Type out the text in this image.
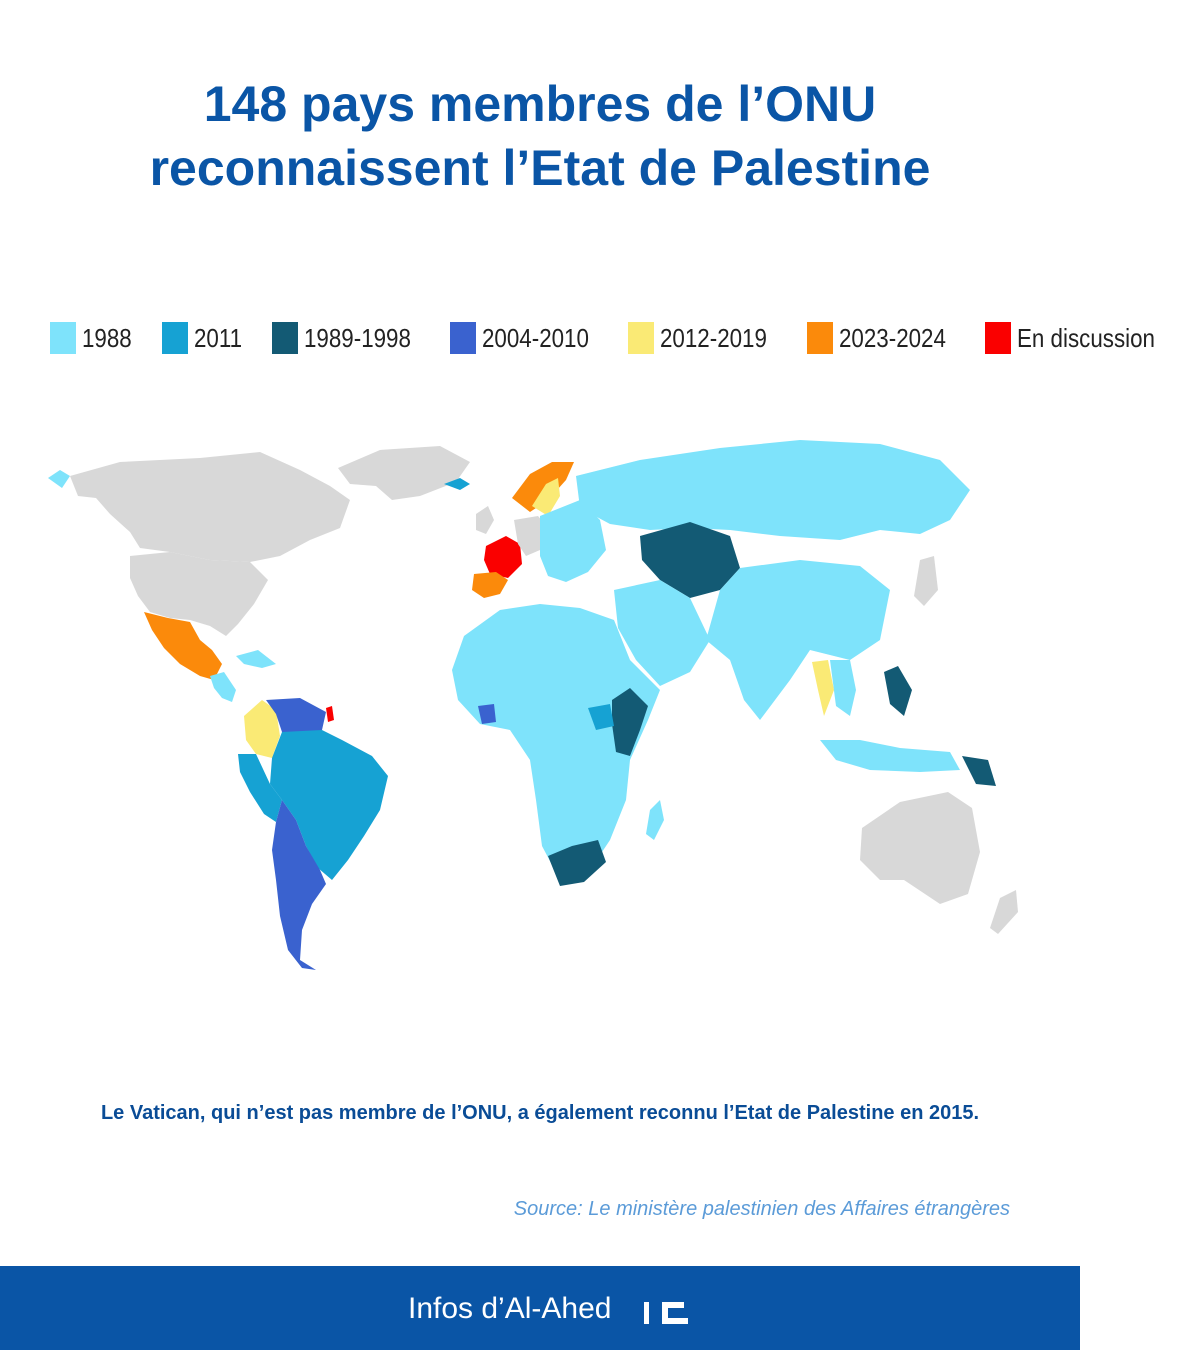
148 pays membres de l’ONU
reconnaissent l’Etat de Palestine
1988 2011 1989-1998	2004-2010	2012-2019	2023-2024	En discussion
Le Vatican, qui n’est pas membre de l’ONU, a également reconnu l’Etat de Palestine en 2015.
Source: Le ministère palestinien des Affaires étrangères
Infos d’Al-Ahed
